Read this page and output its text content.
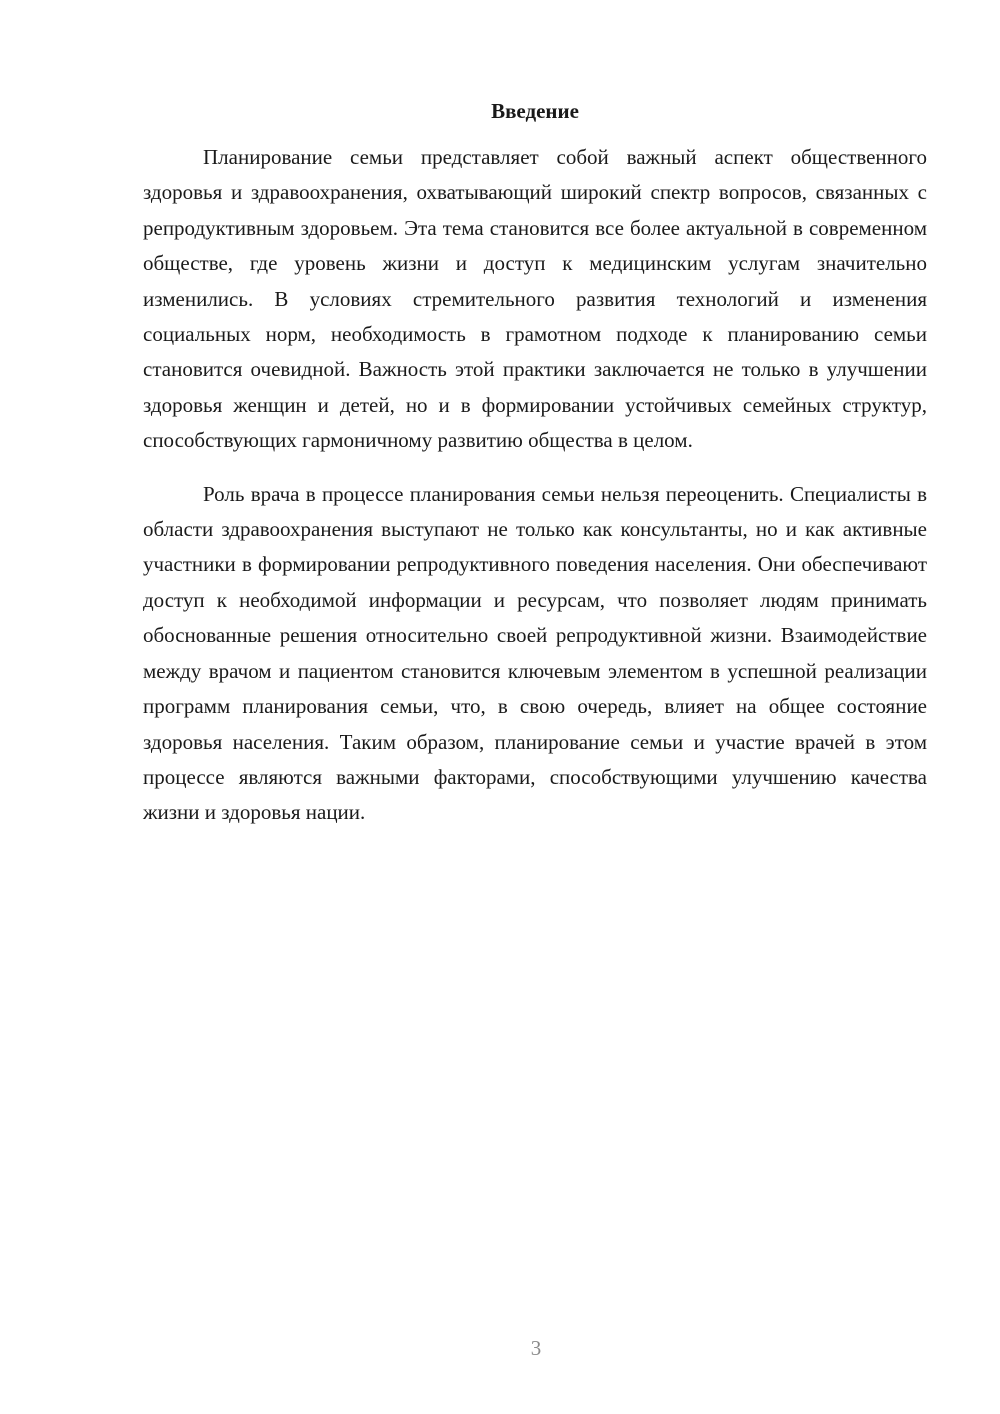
Введение

Планирование семьи представляет собой важный аспект общественного здоровья и здравоохранения, охватывающий широкий спектр вопросов, связанных с репродуктивным здоровьем. Эта тема становится все более актуальной в современном обществе, где уровень жизни и доступ к медицинским услугам значительно изменились. В условиях стремительного развития технологий и изменения социальных норм, необходимость в грамотном подходе к планированию семьи становится очевидной. Важность этой практики заключается не только в улучшении здоровья женщин и детей, но и в формировании устойчивых семейных структур, способствующих гармоничному развитию общества в целом.

Роль врача в процессе планирования семьи нельзя переоценить. Специалисты в области здравоохранения выступают не только как консультанты, но и как активные участники в формировании репродуктивного поведения населения. Они обеспечивают доступ к необходимой информации и ресурсам, что позволяет людям принимать обоснованные решения относительно своей репродуктивной жизни. Взаимодействие между врачом и пациентом становится ключевым элементом в успешной реализации программ планирования семьи, что, в свою очередь, влияет на общее состояние здоровья населения. Таким образом, планирование семьи и участие врачей в этом процессе являются важными факторами, способствующими улучшению качества жизни и здоровья нации.

3
